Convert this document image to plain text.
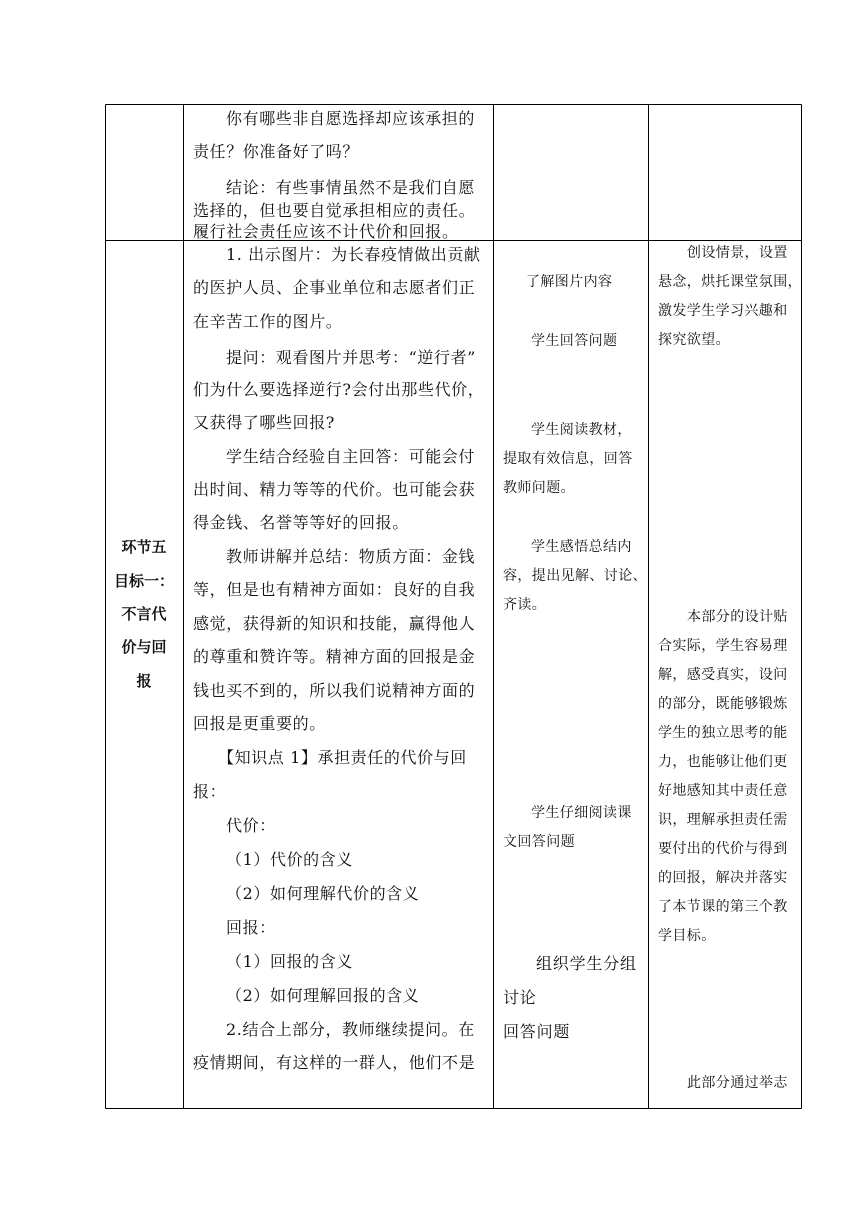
你有哪些非自愿选择却应该承担的
责任？你准备好了吗？
结论：有些事情虽然不是我们自愿
选择的，但也要自觉承担相应的责任。
履行社会责任应该不计代价和回报。
环节五
目标一：
不言代
价与回
报
1. 出示图片：为长春疫情做出贡献
的医护人员、企事业单位和志愿者们正
在辛苦工作的图片。
提问：观看图片并思考：“逆行者”
们为什么要选择逆行?会付出那些代价，
又获得了哪些回报?
学生结合经验自主回答：可能会付
出时间、精力等等的代价。也可能会获
得金钱、名誉等等好的回报。
教师讲解并总结：物质方面：金钱
等，但是也有精神方面如：良好的自我
感觉，获得新的知识和技能，赢得他人
的尊重和赞许等。精神方面的回报是金
钱也买不到的，所以我们说精神方面的
回报是更重要的。
【知识点 1】承担责任的代价与回
报：
代价：
（1）代价的含义
（2）如何理解代价的含义
回报：
（1）回报的含义
（2）如何理解回报的含义
2.结合上部分，教师继续提问。在
疫情期间，有这样的一群人，他们不是
了解图片内容
学生回答问题
学生阅读教材，
提取有效信息，回答
教师问题。
学生感悟总结内
容，提出见解、讨论、
齐读。
学生仔细阅读课
文回答问题
组织学生分组
讨论
回答问题
创设情景，设置
悬念，烘托课堂氛围，
激发学生学习兴趣和
探究欲望。
本部分的设计贴
合实际，学生容易理
解，感受真实，设问
的部分，既能够锻炼
学生的独立思考的能
力，也能够让他们更
好地感知其中责任意
识，理解承担责任需
要付出的代价与得到
的回报，解决并落实
了本节课的第三个教
学目标。
此部分通过举志
